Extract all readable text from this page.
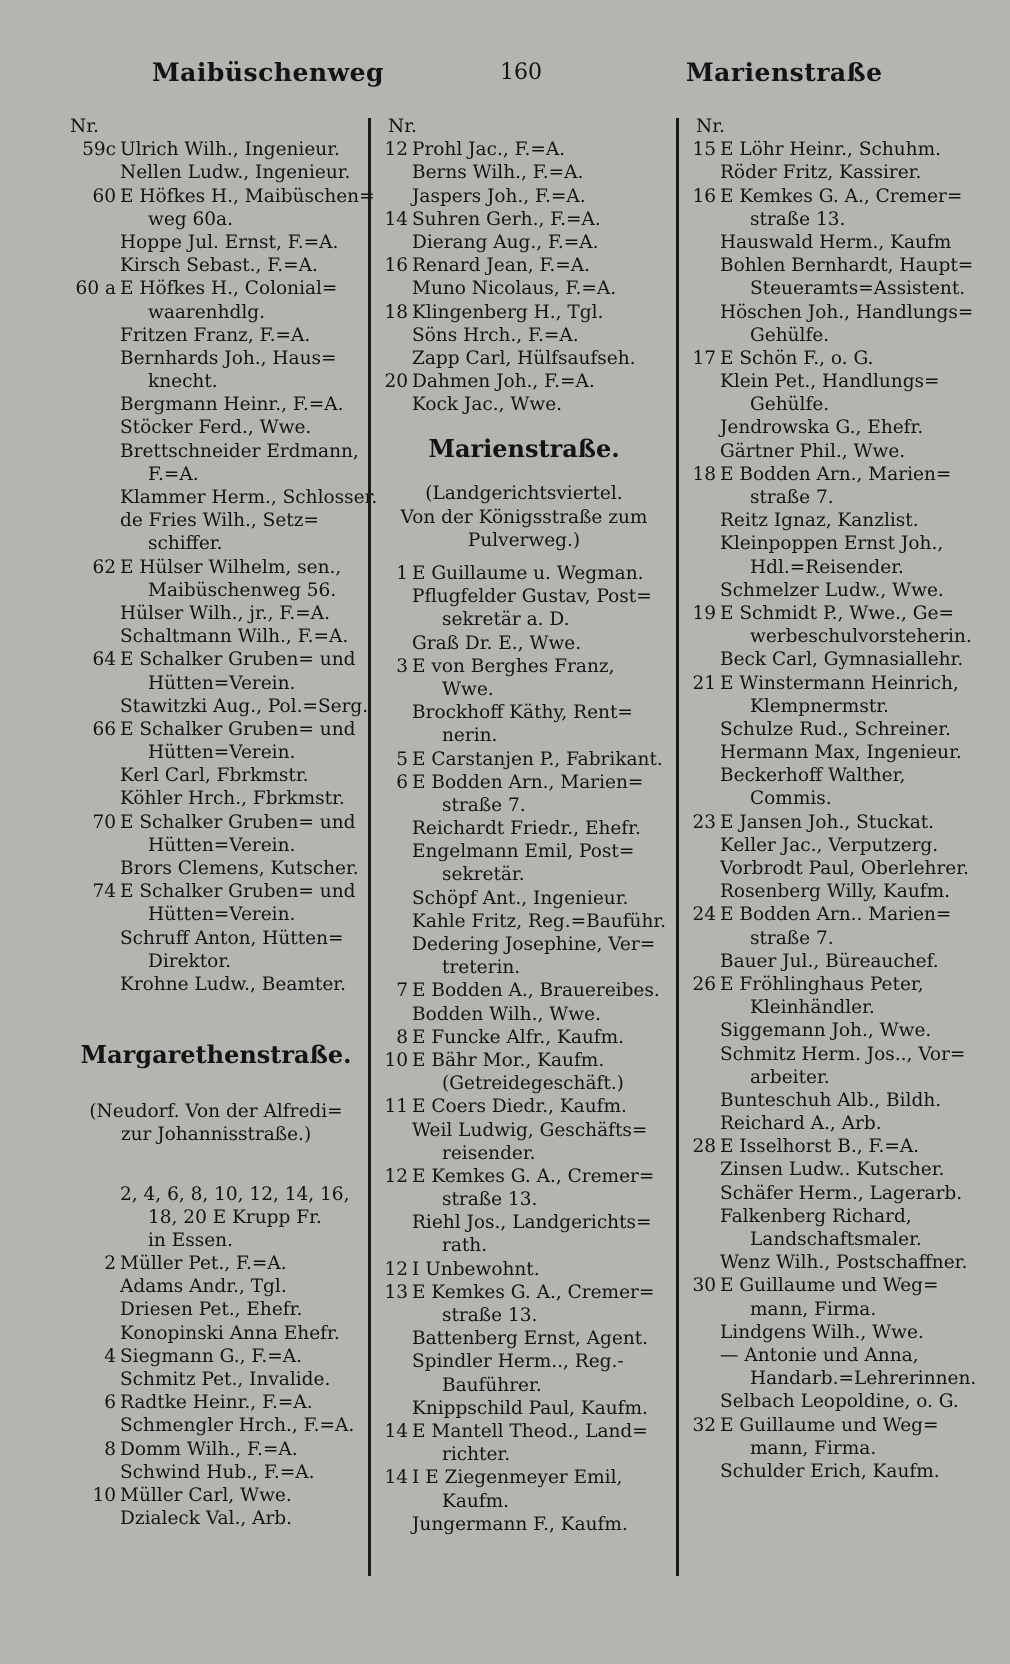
Maibüschenweg	160	Marienstraße
Nr.
59c Ulrich Wilh., Ingenieur.
Nellen Ludw., Ingenieur.
60 E Höfkes H., Maibüschen=
weg 60a.
Hoppe Jul. Ernst, F.=A.
Kirsch Sebast., F.=A.
60 a E Höfkes H., Colonial=
waarenhdlg.
Fritzen Franz, F.=A.
Bernhards Joh., Haus=
knecht.
Bergmann Heinr., F.=A.
Stöcker Ferd., Wwe.
Brettschneider Erdmann,
F.=A.
Klammer Herm., Schlosser.
de Fries Wilh., Setz=
schiffer.
62 E Hülser Wilhelm, sen.,
Maibüschenweg 56.
Hülser Wilh., jr., F.=A.
Schaltmann Wilh., F.=A.
64 E Schalker Gruben= und
Hütten=Verein.
Stawitzki Aug., Pol.=Serg.
66 E Schalker Gruben= und
Hütten=Verein.
Kerl Carl, Fbrkmstr.
Köhler Hrch., Fbrkmstr.
70 E Schalker Gruben= und
Hütten=Verein.
Brors Clemens, Kutscher.
74 E Schalker Gruben= und
Hütten=Verein.
Schruff Anton, Hütten=
Direktor.
Krohne Ludw., Beamter.
Margarethenstraße.
(Neudorf. Von der Alfredi=
zur Johannisstraße.)
2, 4, 6, 8, 10, 12, 14, 16,
18, 20 E Krupp Fr.
in Essen.
2 Müller Pet., F.=A.
Adams Andr., Tgl.
Driesen Pet., Ehefr.
Konopinski Anna Ehefr.
4 Siegmann G., F.=A.
Schmitz Pet., Invalide.
6 Radtke Heinr., F.=A.
Schmengler Hrch., F.=A.
8 Domm Wilh., F.=A.
Schwind Hub., F.=A.
10 Müller Carl, Wwe.
Dzialeck Val., Arb.
Nr.
12 Prohl Jac., F.=A.
Berns Wilh., F.=A.
Jaspers Joh., F.=A.
14 Suhren Gerh., F.=A.
Dierang Aug., F.=A.
16 Renard Jean, F.=A.
Muno Nicolaus, F.=A.
18 Klingenberg H., Tgl.
Söns Hrch., F.=A.
Zapp Carl, Hülfsaufseh.
20 Dahmen Joh., F.=A.
Kock Jac., Wwe.
Marienstraße.
(Landgerichtsviertel.
Von der Königsstraße zum
Pulverweg.)
1 E Guillaume u. Wegman.
Pflugfelder Gustav, Post=
sekretär a. D.
Graß Dr. E., Wwe.
3 E von Berghes Franz,
Wwe.
Brockhoff Käthy, Rent=
nerin.
5 E Carstanjen P., Fabrikant.
6 E Bodden Arn., Marien=
straße 7.
Reichardt Friedr., Ehefr.
Engelmann Emil, Post=
sekretär.
Schöpf Ant., Ingenieur.
Kahle Fritz, Reg.=Bauführ.
Dedering Josephine, Ver=
treterin.
7 E Bodden A., Brauereibes.
Bodden Wilh., Wwe.
8 E Funcke Alfr., Kaufm.
10 E Bähr Mor., Kaufm.
(Getreidegeschäft.)
11 E Coers Diedr., Kaufm.
Weil Ludwig, Geschäfts=
reisender.
12 E Kemkes G. A., Cremer=
straße 13.
Riehl Jos., Landgerichts=
rath.
12 I Unbewohnt.
13 E Kemkes G. A., Cremer=
straße 13.
Battenberg Ernst, Agent.
Spindler Herm.., Reg.-
Bauführer.
Knippschild Paul, Kaufm.
14 E Mantell Theod., Land=
richter.
14 I E Ziegenmeyer Emil,
Kaufm.
Jungermann F., Kaufm.
Nr.
15 E Löhr Heinr., Schuhm.
Röder Fritz, Kassirer.
16 E Kemkes G. A., Cremer=
straße 13.
Hauswald Herm., Kaufm
Bohlen Bernhardt, Haupt=
Steueramts=Assistent.
Höschen Joh., Handlungs=
Gehülfe.
17 E Schön F., o. G.
Klein Pet., Handlungs=
Gehülfe.
Jendrowska G., Ehefr.
Gärtner Phil., Wwe.
18 E Bodden Arn., Marien=
straße 7.
Reitz Ignaz, Kanzlist.
Kleinpoppen Ernst Joh.,
Hdl.=Reisender.
Schmelzer Ludw., Wwe.
19 E Schmidt P., Wwe., Ge=
werbeschulvorsteherin.
Beck Carl, Gymnasiallehr.
21 E Winstermann Heinrich,
Klempnermstr.
Schulze Rud., Schreiner.
Hermann Max, Ingenieur.
Beckerhoff Walther,
Commis.
23 E Jansen Joh., Stuckat.
Keller Jac., Verputzerg.
Vorbrodt Paul, Oberlehrer.
Rosenberg Willy, Kaufm.
24 E Bodden Arn.. Marien=
straße 7.
Bauer Jul., Büreauchef.
26 E Fröhlinghaus Peter,
Kleinhändler.
Siggemann Joh., Wwe.
Schmitz Herm. Jos.., Vor=
arbeiter.
Bunteschuh Alb., Bildh.
Reichard A., Arb.
28 E Isselhorst B., F.=A.
Zinsen Ludw.. Kutscher.
Schäfer Herm., Lagerarb.
Falkenberg Richard,
Landschaftsmaler.
Wenz Wilh., Postschaffner.
30 E Guillaume und Weg=
mann, Firma.
Lindgens Wilh., Wwe.
— Antonie und Anna,
Handarb.=Lehrerinnen.
Selbach Leopoldine, o. G.
32 E Guillaume und Weg=
mann, Firma.
Schulder Erich, Kaufm.
